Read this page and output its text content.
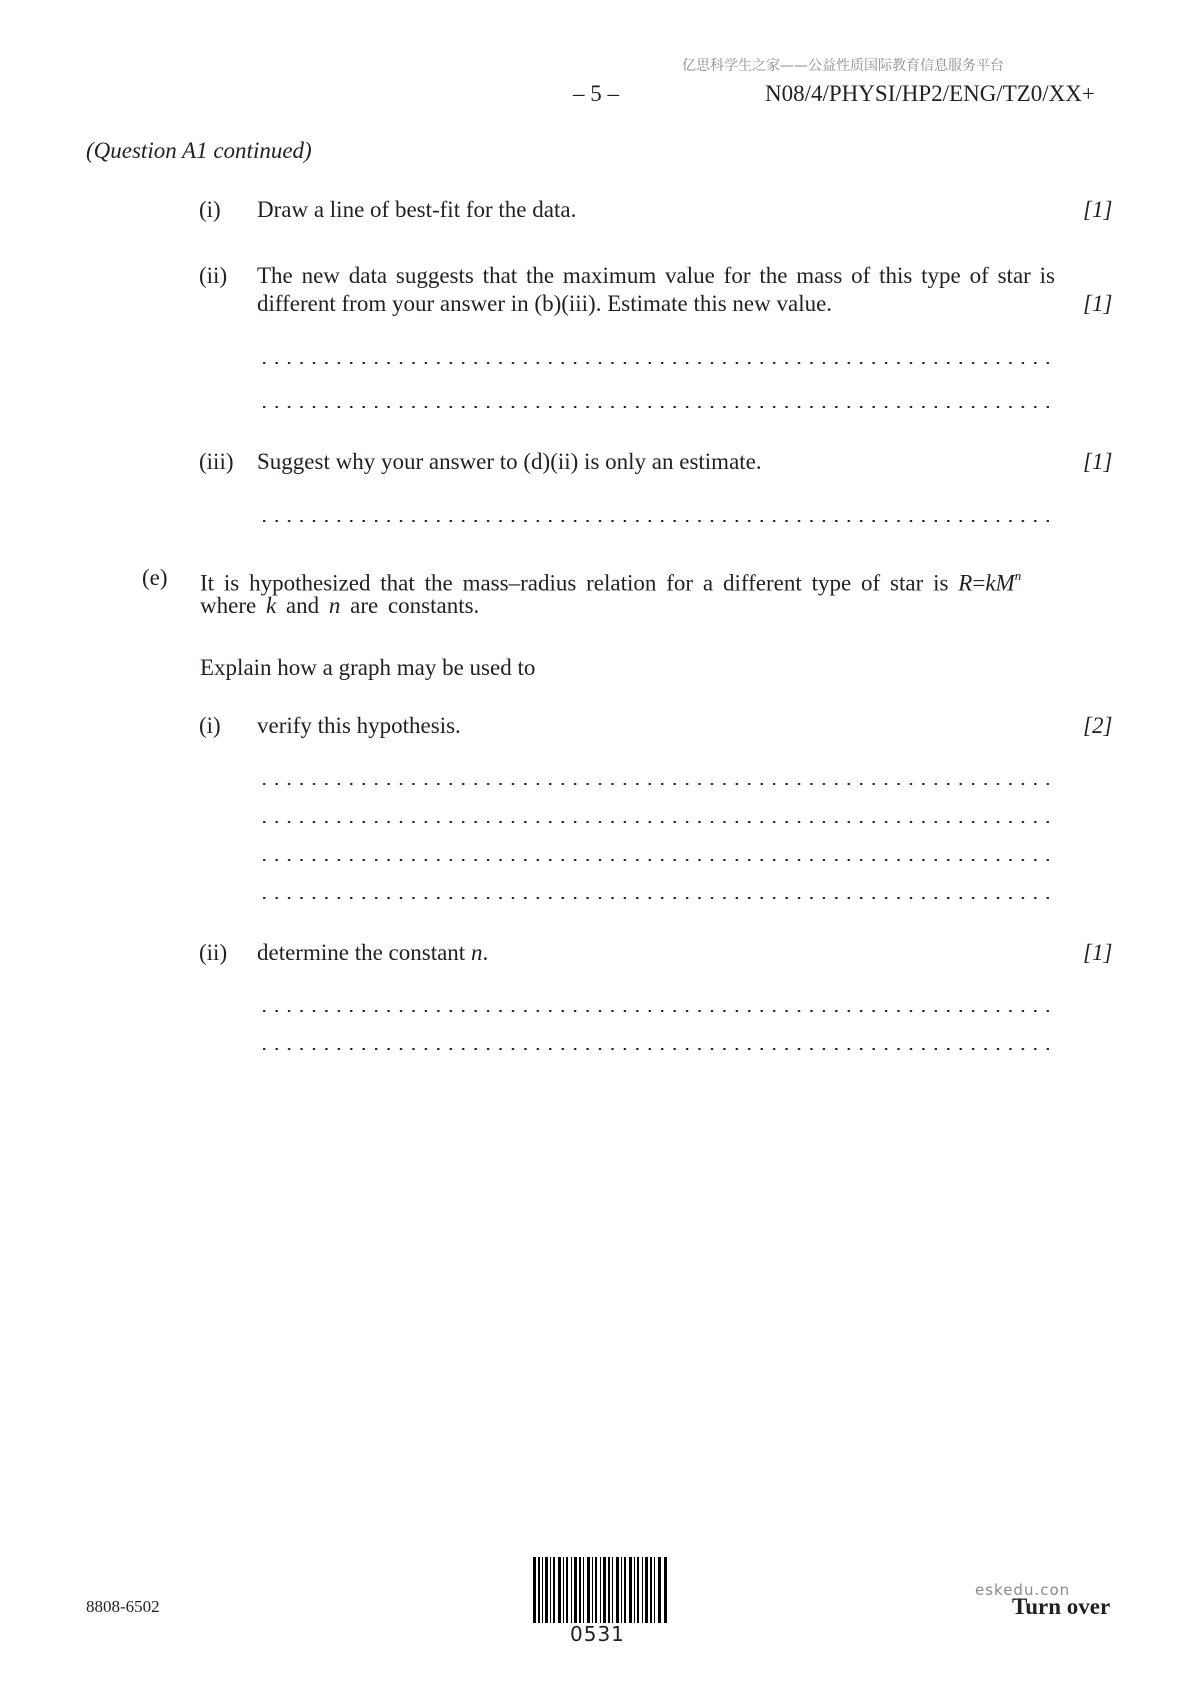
亿思科学生之家——公益性质国际教育信息服务平台
– 5 –	N08/4/PHYSI/HP2/ENG/TZ0/XX+
(Question A1 continued)
(i) Draw a line of best-fit for the data.	[1]
(ii) The new data suggests that the maximum value for the mass of this type of star is
different from your answer in (b)(iii). Estimate this new value.	[1]
(iii) Suggest why your answer to (d)(ii) is only an estimate.	[1]
(e) It is hypothesized that the mass–radius relation for a different type of star is $R=kM^n$
where k and n are constants.
Explain how a graph may be used to
(i) verify this hypothesis.	[2]
(ii) determine the constant n.	[1]
8808-6502
0531
eskedu.con
Turn over
